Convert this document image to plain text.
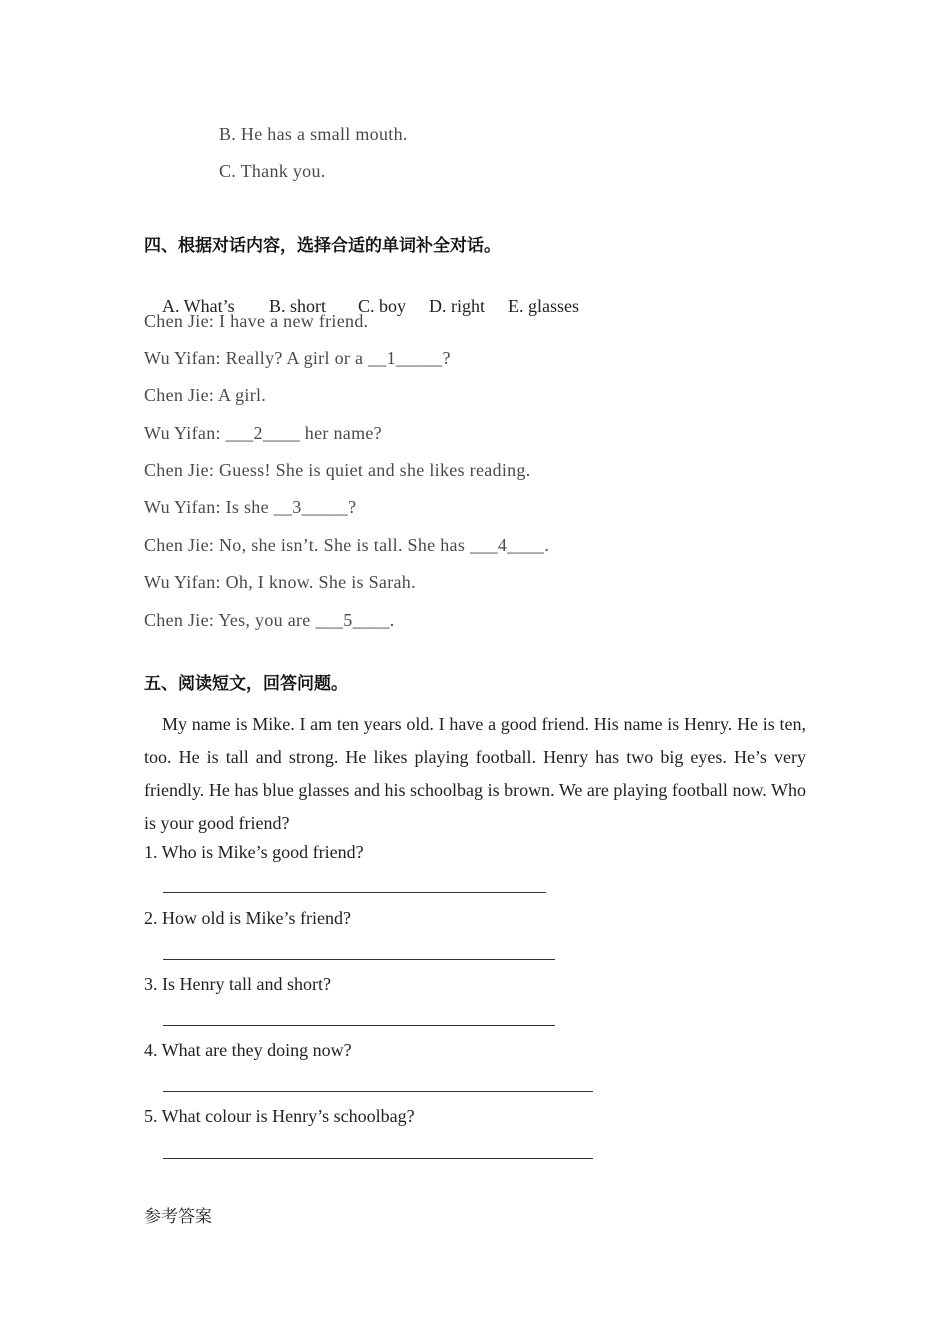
B. He has a small mouth.
C. Thank you.
四、根据对话内容，选择合适的单词补全对话。

A. What’s B. short C. boy D. right E. glasses

Chen Jie: I have a new friend.
Wu Yifan: Really? A girl or a __1_____?
Chen Jie: A girl.
Wu Yifan: ___2____ her name?
Chen Jie: Guess! She is quiet and she likes reading.
Wu Yifan: Is she __3_____?
Chen Jie: No, she isn’t. She is tall. She has ___4____.
Wu Yifan: Oh, I know. She is Sarah.
Chen Jie: Yes, you are ___5____.
五、阅读短文，回答问题。
My name is Mike. I am ten years old. I have a good friend. His name is Henry. He is ten, too. He is tall and strong. He likes playing football. Henry has two big eyes. He’s very friendly. He has blue glasses and his schoolbag is brown. We are playing football now. Who is your good friend?
1. Who is Mike’s good friend?
2. How old is Mike’s friend?
3. Is Henry tall and short?
4. What are they doing now?
5. What colour is Henry’s schoolbag?
参考答案
